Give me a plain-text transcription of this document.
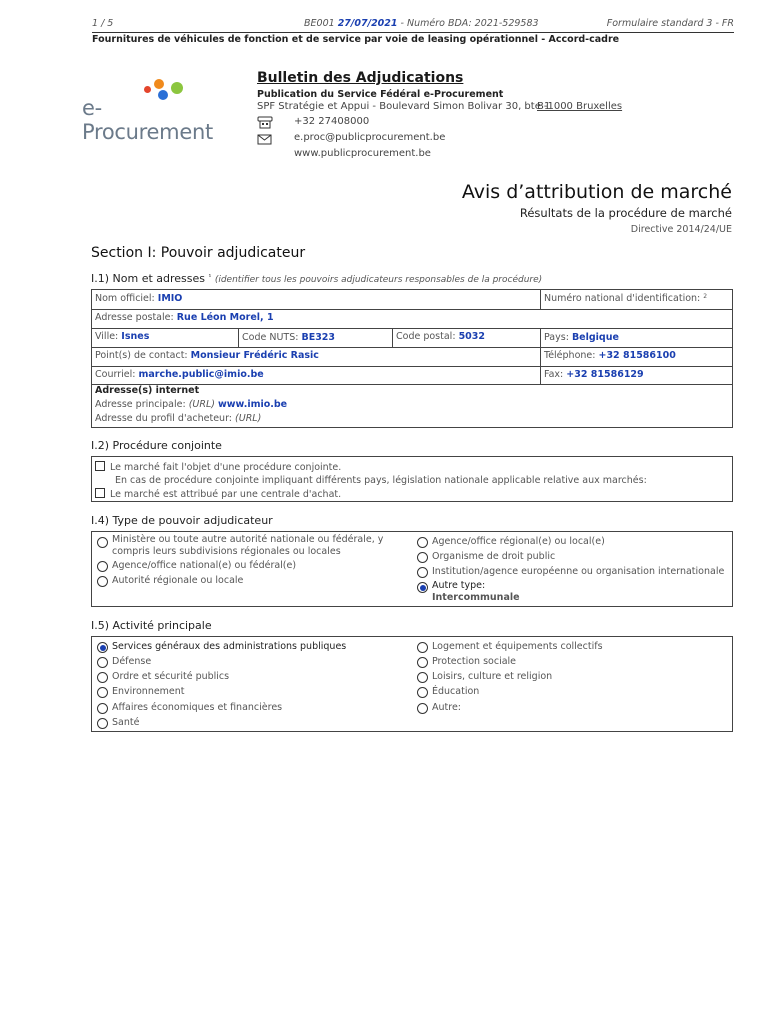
1 / 5	BE001 27/07/2021 - Numéro BDA: 2021-529583	Formulaire standard 3 - FR
Fournitures de véhicules de fonction et de service par voie de leasing opérationnel - Accord-cadre
e-Procurement
Bulletin des Adjudications
Publication du Service Fédéral e-Procurement
SPF Stratégie et Appui - Boulevard Simon Bolivar 30, bte 1
B-1000 Bruxelles
+32 27408000
e.proc@publicprocurement.be
www.publicprocurement.be
Avis d’attribution de marché
Résultats de la procédure de marché
Directive 2014/24/UE
Section I: Pouvoir adjudicateur
I.1) Nom et adresses $^{^1}$ (identifier tous les pouvoirs adjudicateurs responsables de la procédure)
Nom officiel: IMIO	Numéro national d'identification: $^2$
Adresse postale: Rue Léon Morel, 1
Ville: Isnes	Code NUTS: BE323	Code postal: 5032	Pays: Belgique
Point(s) de contact: Monsieur Frédéric Rasic	Téléphone: +32 81586100
Courriel: marche.public@imio.be	Fax: +32 81586129
Adresse(s) internet
Adresse principale: (URL) www.imio.be
Adresse du profil d'acheteur: (URL)
I.2) Procédure conjointe
Le marché fait l'objet d'une procédure conjointe.
En cas de procédure conjointe impliquant différents pays, législation nationale applicable relative aux marchés:
Le marché est attribué par une centrale d'achat.
I.4) Type de pouvoir adjudicateur
Ministère ou toute autre autorité nationale ou fédérale, y
compris leurs subdivisions régionales ou locales
Agence/office national(e) ou fédéral(e)
Autorité régionale ou locale
Agence/office régional(e) ou local(e)
Organisme de droit public
Institution/agence européenne ou organisation internationale
Autre type:
Intercommunale
I.5) Activité principale
Services généraux des administrations publiques
Défense
Ordre et sécurité publics
Environnement
Affaires économiques et financières
Santé
Logement et équipements collectifs
Protection sociale
Loisirs, culture et religion
Éducation
Autre:
